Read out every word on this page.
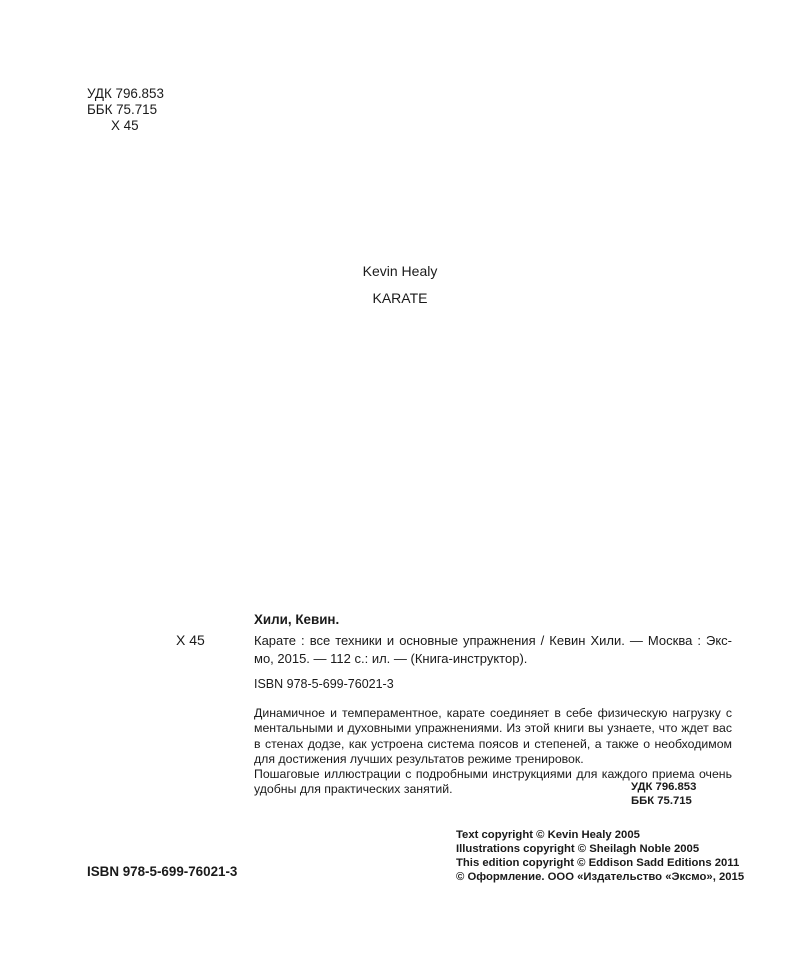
УДК 796.853
ББК 75.715
Х 45
Kevin Healy
KARATE
Хили, Кевин.
Х 45	Карате : все техники и основные упражнения / Кевин Хили. — Москва : Экс-
мо, 2015. — 112 с.: ил. — (Книга-инструктор).
ISBN 978-5-699-76021-3

Динамичное и темпераментное, карате соединяет в себе физическую нагрузку с ментальными и духовными упражнениями. Из этой книги вы узнаете, что ждет вас в стенах додзе, как устроена система поясов и степеней, а также о необходимом для достижения лучших результатов режиме тренировок.

Пошаговые иллюстрации с подробными инструкциями для каждого приема очень удобны для практических занятий.	УДК 796.853
ББК 75.715
ISBN 978-5-699-76021-3
Text copyright © Kevin Healy 2005
Illustrations copyright © Sheilagh Noble 2005
This edition copyright © Eddison Sadd Editions 2011
© Оформление. ООО «Издательство «Эксмо», 2015
